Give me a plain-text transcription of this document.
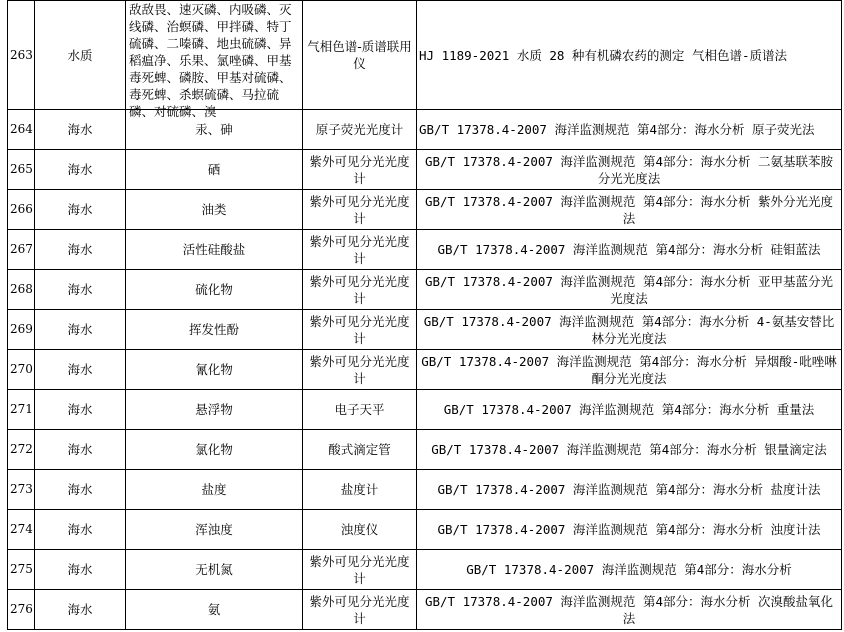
263	水质	敌敌畏、速灭磷、内吸磷、灭线磷、治螟磷、甲拌磷、特丁硫磷、二嗪磷、地虫硫磷、异稻瘟净、乐果、氯唑磷、甲基毒死蜱、磷胺、甲基对硫磷、毒死蜱、杀螟硫磷、马拉硫磷、对硫磷、溴	气相色谱-质谱联用仪	HJ 1189-2021 水质 28 种有机磷农药的测定 气相色谱-质谱法
264	海水	汞、砷	原子荧光光度计	GB/T 17378.4-2007 海洋监测规范 第4部分：海水分析 原子荧光法
265	海水	硒	紫外可见分光光度计	GB/T 17378.4-2007 海洋监测规范 第4部分：海水分析 二氨基联苯胺分光光度法
266	海水	油类	紫外可见分光光度计	GB/T 17378.4-2007 海洋监测规范 第4部分：海水分析 紫外分光光度法
267	海水	活性硅酸盐	紫外可见分光光度计	GB/T 17378.4-2007 海洋监测规范 第4部分：海水分析 硅钼蓝法
268	海水	硫化物	紫外可见分光光度计	GB/T 17378.4-2007 海洋监测规范 第4部分：海水分析 亚甲基蓝分光光度法
269	海水	挥发性酚	紫外可见分光光度计	GB/T 17378.4-2007 海洋监测规范 第4部分：海水分析 4-氨基安替比林分光光度法
270	海水	氰化物	紫外可见分光光度计	GB/T 17378.4-2007 海洋监测规范 第4部分：海水分析 异烟酸-吡唑啉酮分光光度法
271	海水	悬浮物	电子天平	GB/T 17378.4-2007 海洋监测规范 第4部分：海水分析 重量法
272	海水	氯化物	酸式滴定管	GB/T 17378.4-2007 海洋监测规范 第4部分：海水分析 银量滴定法
273	海水	盐度	盐度计	GB/T 17378.4-2007 海洋监测规范 第4部分：海水分析 盐度计法
274	海水	浑浊度	浊度仪	GB/T 17378.4-2007 海洋监测规范 第4部分：海水分析 浊度计法
275	海水	无机氮	紫外可见分光光度计	GB/T 17378.4-2007 海洋监测规范 第4部分：海水分析
276	海水	氨	紫外可见分光光度计	GB/T 17378.4-2007 海洋监测规范 第4部分：海水分析 次溴酸盐氧化法
